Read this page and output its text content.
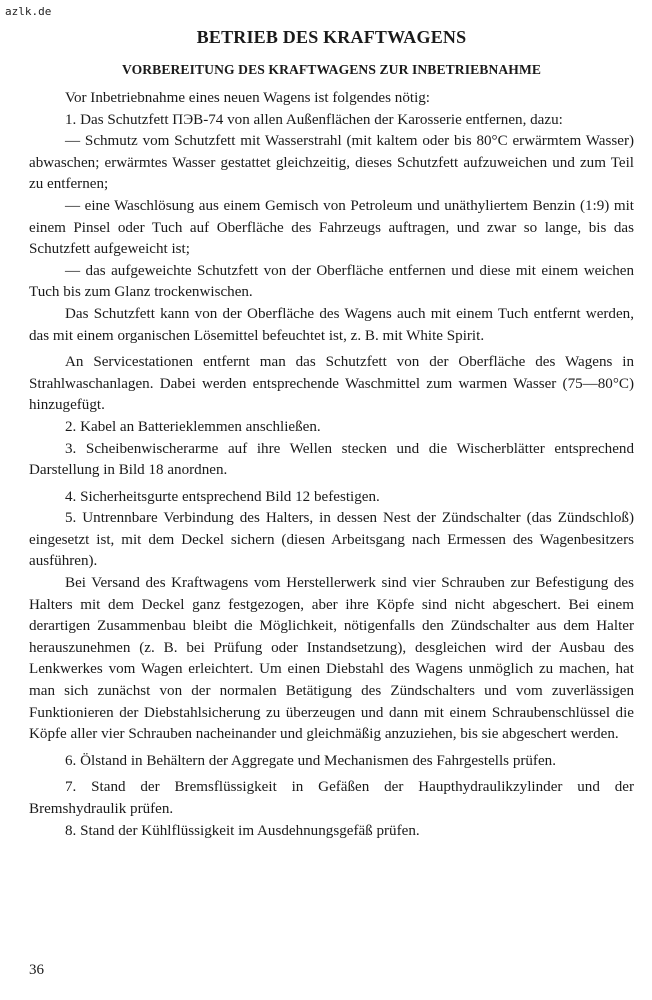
azlk.de
BETRIEB DES KRAFTWAGENS
VORBEREITUNG DES KRAFTWAGENS ZUR INBETRIEBNAHME

Vor Inbetriebnahme eines neuen Wagens ist folgendes nötig:

1. Das Schutzfett ПЭВ-74 von allen Außenflächen der Karosserie entfernen, dazu:

— Schmutz vom Schutzfett mit Wasserstrahl (mit kaltem oder bis 80°C erwärmtem Wasser) abwaschen; erwärmtes Wasser gestattet gleichzeitig, dieses Schutzfett aufzuweichen und zum Teil zu entfernen;

— eine Waschlösung aus einem Gemisch von Petroleum und unäthyliertem Benzin (1:9) mit einem Pinsel oder Tuch auf Oberfläche des Fahrzeugs auftragen, und zwar so lange, bis das Schutzfett aufgeweicht ist;

— das aufgeweichte Schutzfett von der Oberfläche entfernen und diese mit einem weichen Tuch bis zum Glanz trockenwischen.

Das Schutzfett kann von der Oberfläche des Wagens auch mit einem Tuch entfernt werden, das mit einem organischen Lösemittel befeuchtet ist, z. B. mit White Spirit.

An Servicestationen entfernt man das Schutzfett von der Oberfläche des Wagens in Strahlwaschanlagen. Dabei werden entsprechende Waschmittel zum warmen Wasser (75—80°C) hinzugefügt.

2. Kabel an Batterieklemmen anschließen.

3. Scheibenwischerarme auf ihre Wellen stecken und die Wischerblätter entsprechend Darstellung in Bild 18 anordnen.

4. Sicherheitsgurte entsprechend Bild 12 befestigen.

5. Untrennbare Verbindung des Halters, in dessen Nest der Zündschalter (das Zündschloß) eingesetzt ist, mit dem Deckel sichern (diesen Arbeitsgang nach Ermessen des Wagenbesitzers ausführen).

Bei Versand des Kraftwagens vom Herstellerwerk sind vier Schrauben zur Befestigung des Halters mit dem Deckel ganz festgezogen, aber ihre Köpfe sind nicht abgeschert. Bei einem derartigen Zusammenbau bleibt die Möglichkeit, nötigenfalls den Zündschalter aus dem Halter herauszunehmen (z. B. bei Prüfung oder Instandsetzung), desgleichen wird der Ausbau des Lenkwerkes vom Wagen erleichtert. Um einen Diebstahl des Wagens unmöglich zu machen, hat man sich zunächst von der normalen Betätigung des Zündschalters und vom zuverlässigen Funktionieren der Diebstahlsicherung zu überzeugen und dann mit einem Schraubenschlüssel die Köpfe aller vier Schrauben nacheinander und gleichmäßig anzuziehen, bis sie abgeschert werden.

6. Ölstand in Behältern der Aggregate und Mechanismen des Fahrgestells prüfen.

7. Stand der Bremsflüssigkeit in Gefäßen der Haupthydraulikzylinder und der Bremshydraulik prüfen.

8. Stand der Kühlflüssigkeit im Ausdehnungsgefäß prüfen.

36
